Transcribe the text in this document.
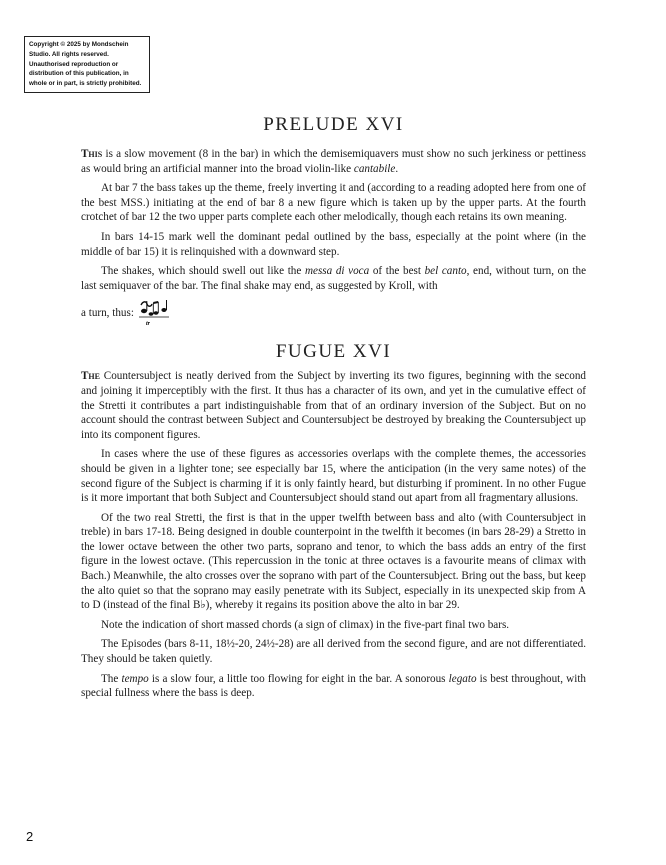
Copyright © 2025 by Mondschein Studio. All rights reserved. Unauthorised reproduction or distribution of this publication, in whole or in part, is strictly prohibited.
PRELUDE XVI

This is a slow movement (8 in the bar) in which the demisemiquavers must show no such jerkiness or pettiness as would bring an artificial manner into the broad violin-like cantabile.

At bar 7 the bass takes up the theme, freely inverting it and (according to a reading adopted here from one of the best MSS.) initiating at the end of bar 8 a new figure which is taken up by the upper parts. At the fourth crotchet of bar 12 the two upper parts complete each other melodically, though each retains its own meaning.

In bars 14-15 mark well the dominant pedal outlined by the bass, especially at the point where (in the middle of bar 15) it is relinquished with a downward step.

The shakes, which should swell out like the messa di voca of the best bel canto, end, without turn, on the last semiquaver of the bar. The final shake may end, as suggested by Kroll, with

a turn, thus:
tr
FUGUE XVI

The Countersubject is neatly derived from the Subject by inverting its two figures, beginning with the second and joining it imperceptibly with the first. It thus has a character of its own, and yet in the cumulative effect of the Stretti it contributes a part indistinguishable from that of an ordinary inversion of the Subject. But on no account should the contrast between Subject and Countersubject be destroyed by breaking the Countersubject up into its component figures.

In cases where the use of these figures as accessories overlaps with the complete themes, the accessories should be given in a lighter tone; see especially bar 15, where the anticipation (in the very same notes) of the second figure of the Subject is charming if it is only faintly heard, but disturbing if prominent. In no other Fugue is it more important that both Subject and Countersubject should stand out apart from all fragmentary allusions.

Of the two real Stretti, the first is that in the upper twelfth between bass and alto (with Countersubject in treble) in bars 17-18. Being designed in double counterpoint in the twelfth it becomes (in bars 28-29) a Stretto in the lower octave between the other two parts, soprano and tenor, to which the bass adds an entry of the first figure in the lowest octave. (This repercussion in the tonic at three octaves is a favourite means of climax with Bach.) Meanwhile, the alto crosses over the soprano with part of the Countersubject. Bring out the bass, but keep the alto quiet so that the soprano may easily penetrate with its Subject, especially in its unexpected skip from A to D (instead of the final B♭), whereby it regains its position above the alto in bar 29.

Note the indication of short massed chords (a sign of climax) in the five-part final two bars.

The Episodes (bars 8-11, 18½-20, 24½-28) are all derived from the second figure, and are not differentiated. They should be taken quietly.

The tempo is a slow four, a little too flowing for eight in the bar. A sonorous legato is best throughout, with special fullness where the bass is deep.

2
